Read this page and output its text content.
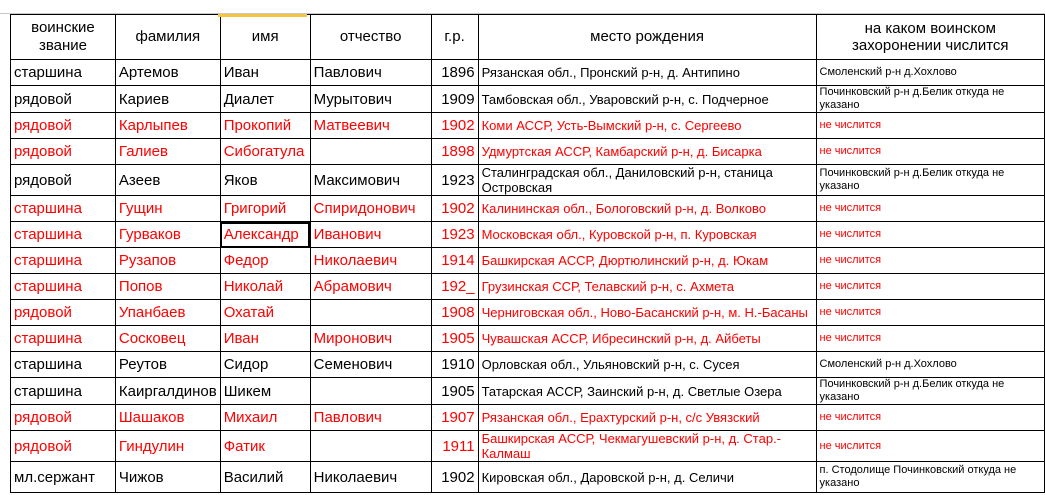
воинские звание	фамилия	имя	отчество	г.р.	место рождения	на каком воинском захоронении числится
старшина	Артемов	Иван	Павлович	1896	Рязанская обл., Пронский р-н, д. Антипино	Смоленский р-н д.Хохлово
рядовой	Кариев	Диалет	Мурытович	1909	Тамбовская обл., Уваровский р-н, с. Подчерное	Починковский р-н д.Белик откуда не указано
рядовой	Карлыпев	Прокопий	Матвеевич	1902	Коми АССР, Усть-Вымский р-н, с. Сергеево	не числится
рядовой	Галиев	Сибогатула		1898	Удмуртская АССР, Камбарский р-н, д. Бисарка	не числится
рядовой	Азеев	Яков	Максимович	1923	Сталинградская обл., Даниловский р-н, станица Островская	Починковский р-н д.Белик откуда не указано
старшина	Гущин	Григорий	Спиридонович	1902	Калининская обл., Бологовский р-н, д. Волково	не числится
старшина	Гурваков	Александр	Иванович	1923	Московская обл., Куровской р-н, п. Куровская	не числится
старшина	Рузапов	Федор	Николаевич	1914	Башкирская АССР, Дюртюлинский р-н, д. Юкам	не числится
старшина	Попов	Николай	Абрамович	192_	Грузинская ССР, Телавский р-н, с. Ахмета	не числится
рядовой	Упанбаев	Охатай		1908	Черниговская обл., Ново-Басанский р-н, м. Н.-Басаны	не числится
старшина	Сосковец	Иван	Миронович	1905	Чувашская АССР, Ибресинский р-н, д. Айбеты	не числится
старшина	Реутов	Сидор	Семенович	1910	Орловская обл., Ульяновский р-н, с. Сусея	Смоленский р-н д.Хохлово
старшина	Каиргалдинов	Шикем		1905	Татарская АССР, Заинский р-н, д. Светлые Озера	Починковский р-н д.Белик откуда не указано
рядовой	Шашаков	Михаил	Павлович	1907	Рязанская обл., Ерахтурский р-н, с/с Увязский	не числится
рядовой	Гиндулин	Фатик		1911	Башкирская АССР, Чекмагушевский р-н, д. Стар.-Калмаш	не числится
мл.сержант	Чижов	Василий	Николаевич	1902	Кировская обл., Даровской р-н, д. Селичи	п. Стодолище Починковский откуда не указано
